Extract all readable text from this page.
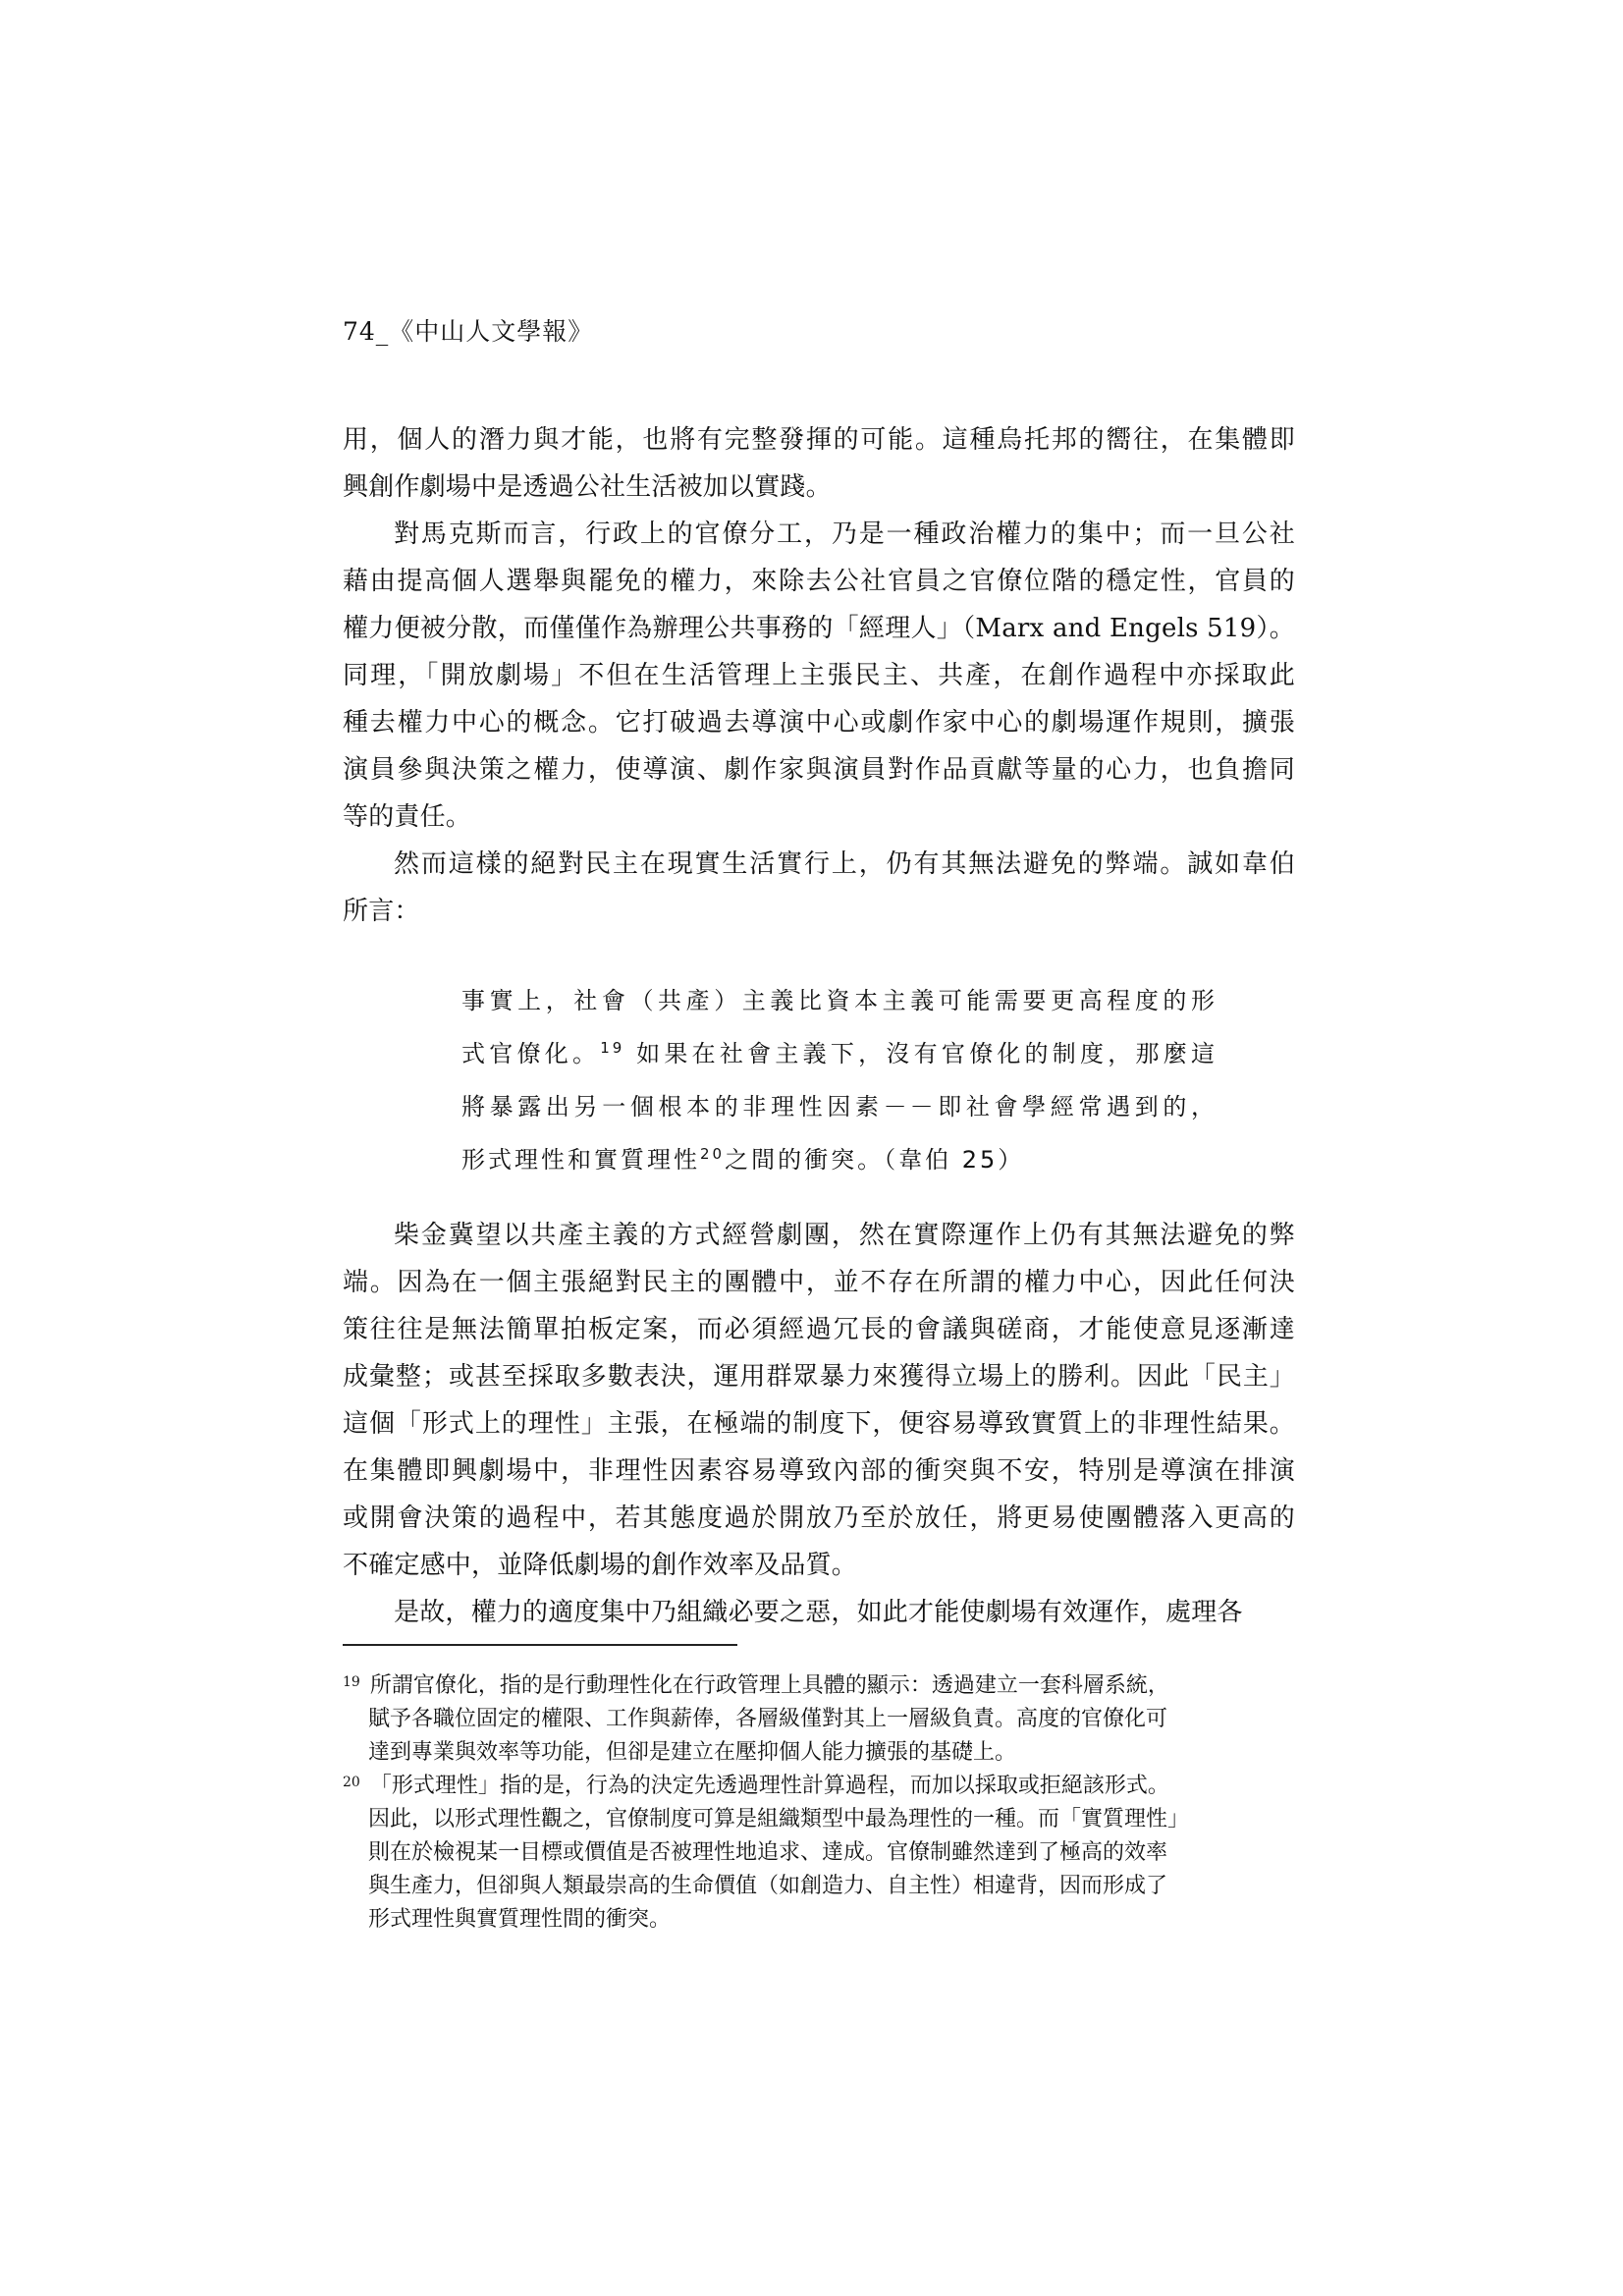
74_《中山人文學報》
用，個人的潛力與才能，也將有完整發揮的可能。這種烏托邦的嚮往，在集體即
興創作劇場中是透過公社生活被加以實踐。
對馬克斯而言，行政上的官僚分工，乃是一種政治權力的集中；而一旦公社
藉由提高個人選舉與罷免的權力，來除去公社官員之官僚位階的穩定性，官員的
權力便被分散，而僅僅作為辦理公共事務的「經理人」（Marx and Engels 519）。
同理，「開放劇場」不但在生活管理上主張民主、共產，在創作過程中亦採取此
種去權力中心的概念。它打破過去導演中心或劇作家中心的劇場運作規則，擴張
演員參與決策之權力，使導演、劇作家與演員對作品貢獻等量的心力，也負擔同
等的責任。
然而這樣的絕對民主在現實生活實行上，仍有其無法避免的弊端。誠如韋伯
所言：
事實上，社會（共產）主義比資本主義可能需要更高程度的形
式官僚化。$^{19}$ 如果在社會主義下，沒有官僚化的制度，那麼這
將暴露出另一個根本的非理性因素－－即社會學經常遇到的，
形式理性和實質理性$^{20}$之間的衝突。（韋伯 25）
柴金冀望以共產主義的方式經營劇團，然在實際運作上仍有其無法避免的弊
端。因為在一個主張絕對民主的團體中，並不存在所謂的權力中心，因此任何決
策往往是無法簡單拍板定案，而必須經過冗長的會議與磋商，才能使意見逐漸達
成彙整；或甚至採取多數表決，運用群眾暴力來獲得立場上的勝利。因此「民主」
這個「形式上的理性」主張，在極端的制度下，便容易導致實質上的非理性結果。
在集體即興劇場中，非理性因素容易導致內部的衝突與不安，特別是導演在排演
或開會決策的過程中，若其態度過於開放乃至於放任，將更易使團體落入更高的
不確定感中，並降低劇場的創作效率及品質。
是故，權力的適度集中乃組織必要之惡，如此才能使劇場有效運作，處理各
$^{19}$ 所謂官僚化，指的是行動理性化在行政管理上具體的顯示：透過建立一套科層系統，
賦予各職位固定的權限、工作與薪俸，各層級僅對其上一層級負責。高度的官僚化可
達到專業與效率等功能，但卻是建立在壓抑個人能力擴張的基礎上。
$^{20}$ 「形式理性」指的是，行為的決定先透過理性計算過程，而加以採取或拒絕該形式。
因此，以形式理性觀之，官僚制度可算是組織類型中最為理性的一種。而「實質理性」
則在於檢視某一目標或價值是否被理性地追求、達成。官僚制雖然達到了極高的效率
與生產力，但卻與人類最崇高的生命價值（如創造力、自主性）相違背，因而形成了
形式理性與實質理性間的衝突。
